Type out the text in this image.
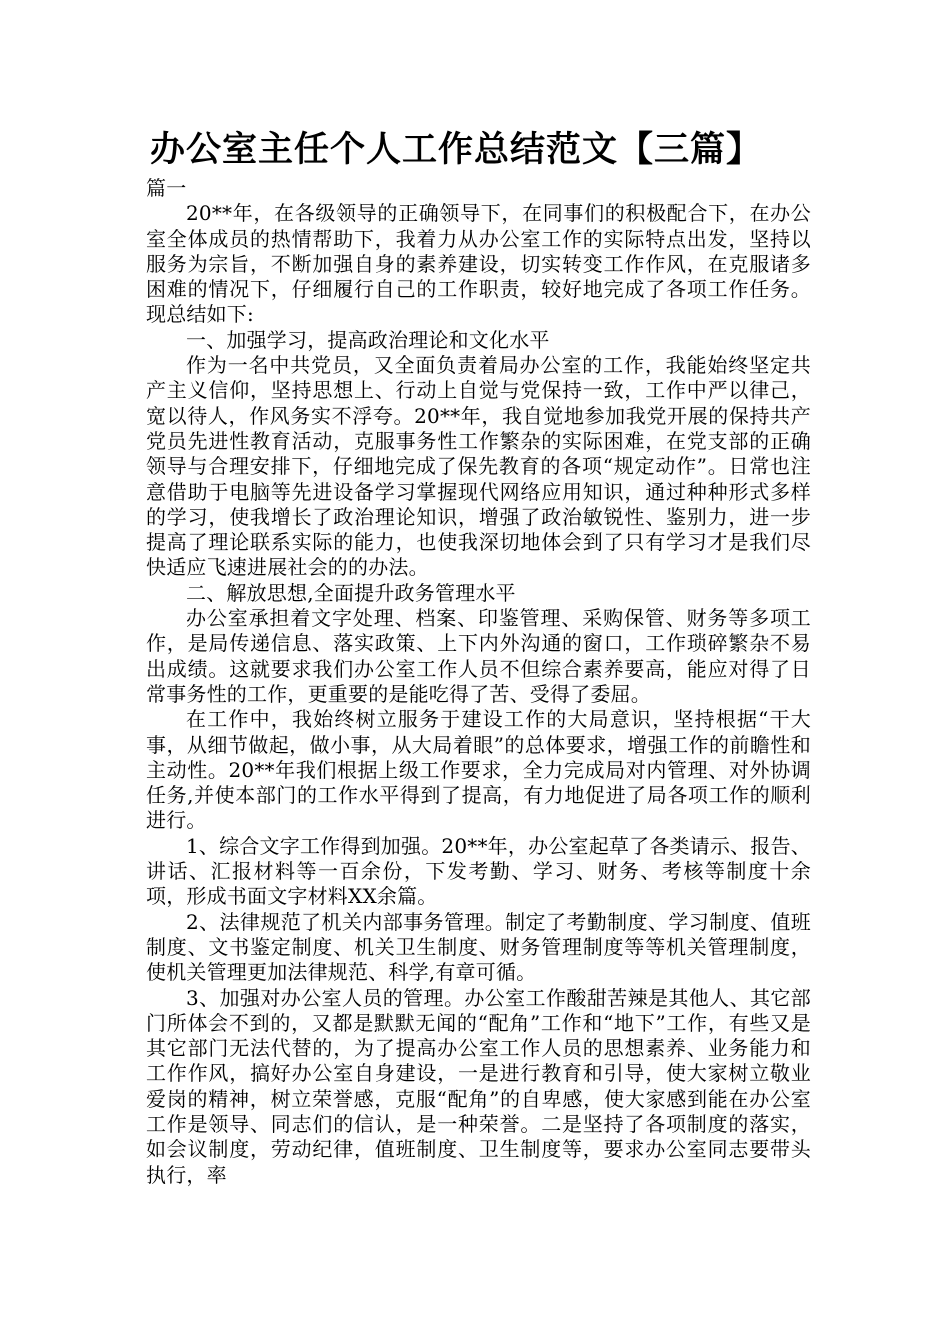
办公室主任个人工作总结范文【三篇】

篇一

20**年，在各级领导的正确领导下，在同事们的积极配合下，在办公室全体成员的热情帮助下，我着力从办公室工作的实际特点出发，坚持以服务为宗旨，不断加强自身的素养建设，切实转变工作作风，在克服诸多困难的情况下，仔细履行自己的工作职责，较好地完成了各项工作任务。现总结如下:

一、加强学习，提高政治理论和文化水平

作为一名中共党员，又全面负责着局办公室的工作，我能始终坚定共产主义信仰，坚持思想上、行动上自觉与党保持一致，工作中严以律己，宽以待人，作风务实不浮夸。20**年，我自觉地参加我党开展的保持共产党员先进性教育活动，克服事务性工作繁杂的实际困难，在党支部的正确领导与合理安排下，仔细地完成了保先教育的各项“规定动作”。日常也注意借助于电脑等先进设备学习掌握现代网络应用知识，通过种种形式多样的学习，使我增长了政治理论知识，增强了政治敏锐性、鉴别力，进一步提高了理论联系实际的能力，也使我深切地体会到了只有学习才是我们尽快适应飞速进展社会的的办法。

二、解放思想,全面提升政务管理水平

办公室承担着文字处理、档案、印鉴管理、采购保管、财务等多项工作，是局传递信息、落实政策、上下内外沟通的窗口，工作琐碎繁杂不易出成绩。这就要求我们办公室工作人员不但综合素养要高，能应对得了日常事务性的工作，更重要的是能吃得了苦、受得了委屈。

在工作中，我始终树立服务于建设工作的大局意识，坚持根据“干大事，从细节做起，做小事，从大局着眼”的总体要求，增强工作的前瞻性和主动性。20**年我们根据上级工作要求，全力完成局对内管理、对外协调任务,并使本部门的工作水平得到了提高，有力地促进了局各项工作的顺利进行。

1、综合文字工作得到加强。20**年，办公室起草了各类请示、报告、讲话、汇报材料等一百余份，下发考勤、学习、财务、考核等制度十余项，形成书面文字材料XX余篇。

2、法律规范了机关内部事务管理。制定了考勤制度、学习制度、值班制度、文书鉴定制度、机关卫生制度、财务管理制度等等机关管理制度，使机关管理更加法律规范、科学,有章可循。

3、加强对办公室人员的管理。办公室工作酸甜苦辣是其他人、其它部门所体会不到的，又都是默默无闻的“配角”工作和“地下”工作，有些又是其它部门无法代替的，为了提高办公室工作人员的思想素养、业务能力和工作作风，搞好办公室自身建设，一是进行教育和引导，使大家树立敬业爱岗的精神，树立荣誉感，克服“配角”的自卑感，使大家感到能在办公室工作是领导、同志们的信认，是一种荣誉。二是坚持了各项制度的落实，如会议制度，劳动纪律，值班制度、卫生制度等，要求办公室同志要带头执行，率
